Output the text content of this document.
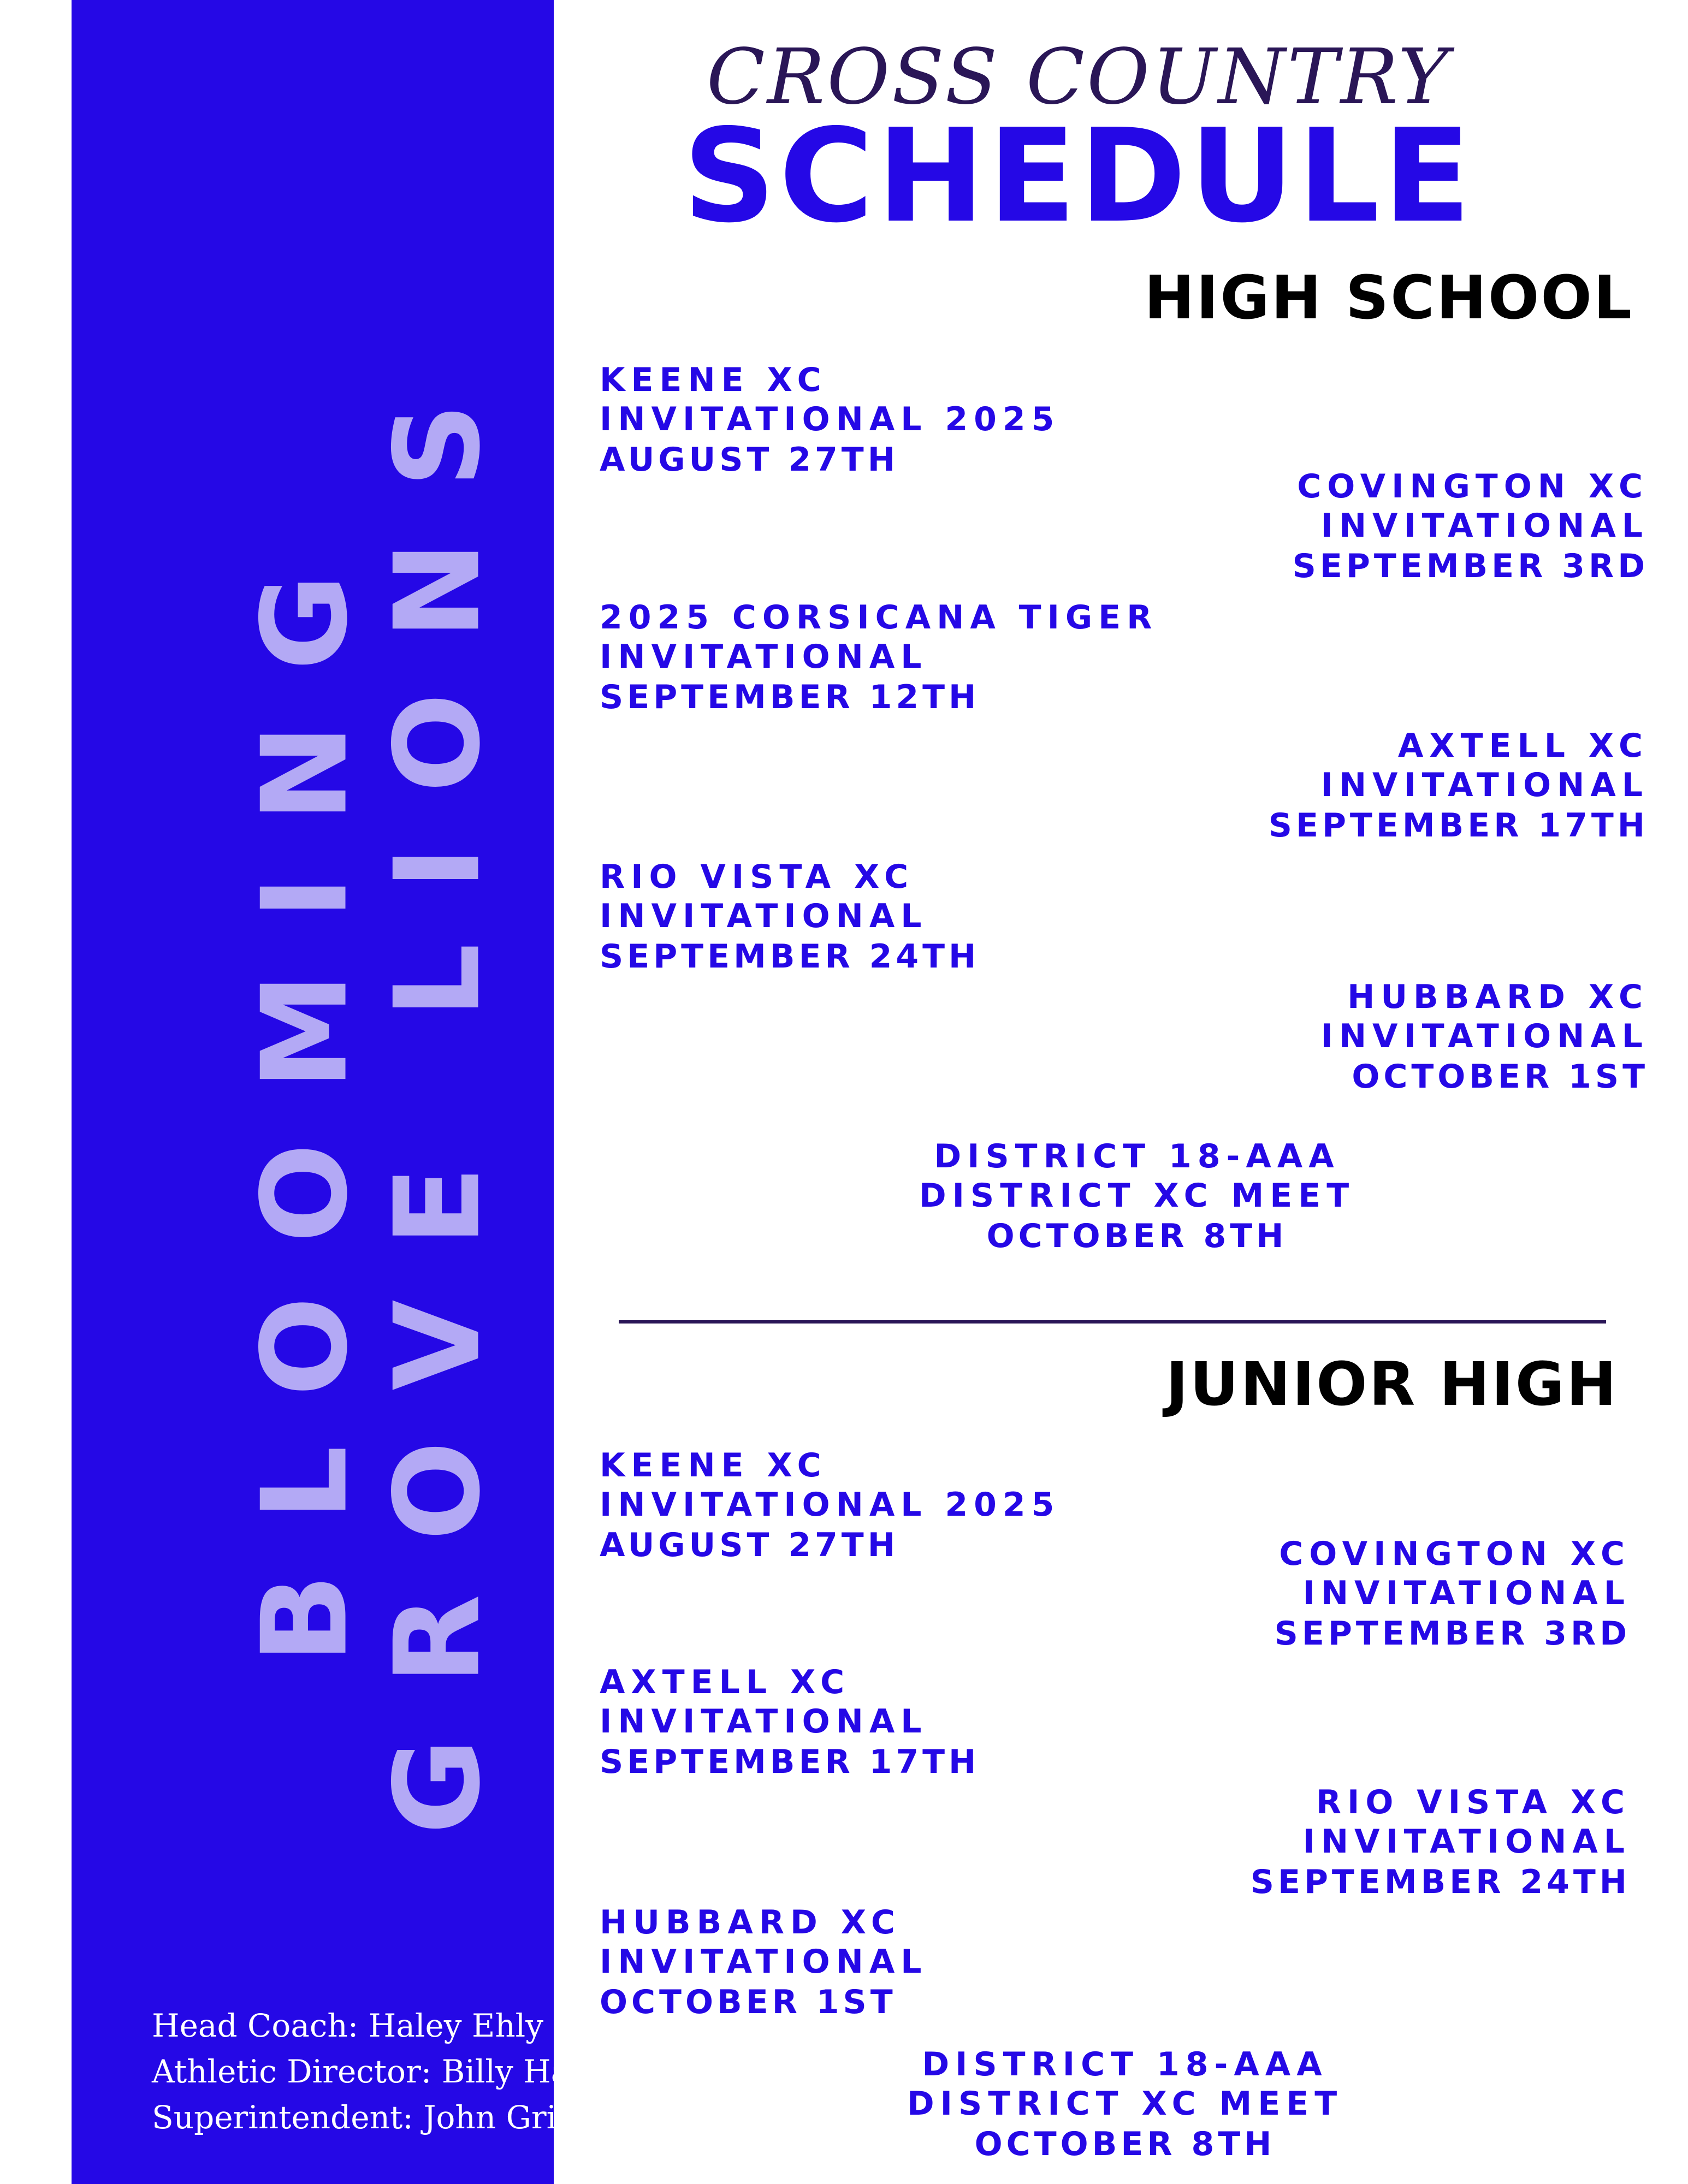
BLOOMING
GROVE LIONS
Head Coach: Haley Ehly
Athletic Director: Billy Harlan
Superintendent: John Griggs
CROSS COUNTRY
SCHEDULE
HIGH SCHOOL
KEENE XC
INVITATIONAL 2025
AUGUST 27TH
COVINGTON XC
INVITATIONAL
SEPTEMBER 3RD
2025 CORSICANA TIGER
INVITATIONAL
SEPTEMBER 12TH
AXTELL XC
INVITATIONAL
SEPTEMBER 17TH
RIO VISTA XC
INVITATIONAL
SEPTEMBER 24TH
HUBBARD XC
INVITATIONAL
OCTOBER 1ST
DISTRICT 18-AAA
DISTRICT XC MEET
OCTOBER 8TH
JUNIOR HIGH
KEENE XC
INVITATIONAL 2025
AUGUST 27TH	COVINGTON XC
INVITATIONAL
SEPTEMBER 3RD
AXTELL XC
INVITATIONAL
SEPTEMBER 17TH
RIO VISTA XC
INVITATIONAL
SEPTEMBER 24TH
HUBBARD XC
INVITATIONAL
OCTOBER 1ST
DISTRICT 18-AAA
DISTRICT XC MEET
OCTOBER 8TH
